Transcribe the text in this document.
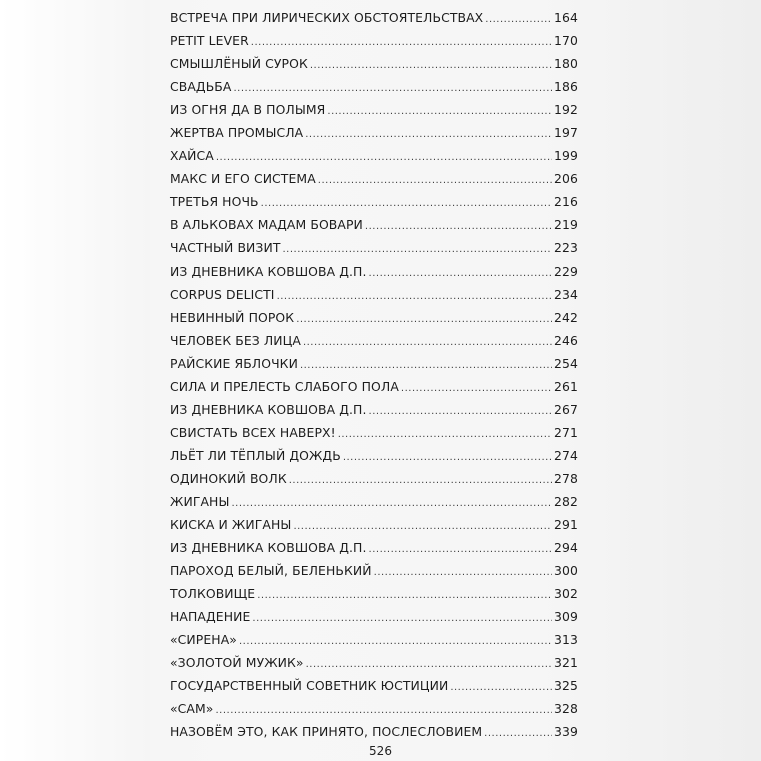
ВСТРЕЧА ПРИ ЛИРИЧЕСКИХ ОБСТОЯТЕЛЬСТВАХ .....	164
PETIT LEVER .....	170
СМЫШЛЁНЫЙ СУРОК .....	180
СВАДЬБА .....	186
ИЗ ОГНЯ ДА В ПОЛЫМЯ .....	192
ЖЕРТВА ПРОМЫСЛА .....	197
ХАЙСА .....	199
МАКС И ЕГО СИСТЕМА .....	206
ТРЕТЬЯ НОЧЬ .....	216
В АЛЬКОВАХ МАДАМ БОВАРИ .....	219
ЧАСТНЫЙ ВИЗИТ .....	223
ИЗ ДНЕВНИКА КОВШОВА Д.П. .....	229
CORPUS DELICTI .....	234
НЕВИННЫЙ ПОРОК .....	242
ЧЕЛОВЕК БЕЗ ЛИЦА .....	246
РАЙСКИЕ ЯБЛОЧКИ .....	254
СИЛА И ПРЕЛЕСТЬ СЛАБОГО ПОЛА .....	261
ИЗ ДНЕВНИКА КОВШОВА Д.П. .....	267
СВИСТАТЬ ВСЕХ НАВЕРХ! .....	271
ЛЬЁТ ЛИ ТЁПЛЫЙ ДОЖДЬ .....	274
ОДИНОКИЙ ВОЛК .....	278
ЖИГАНЫ .....	282
КИСКА И ЖИГАНЫ .....	291
ИЗ ДНЕВНИКА КОВШОВА Д.П. .....	294
ПАРОХОД БЕЛЫЙ, БЕЛЕНЬКИЙ .....	300
ТОЛКОВИЩЕ .....	302
НАПАДЕНИЕ .....	309
«СИРЕНА» .....	313
«ЗОЛОТОЙ МУЖИК» .....	321
ГОСУДАРСТВЕННЫЙ СОВЕТНИК ЮСТИЦИИ .....	325
«САМ» .....	328
НАЗОВЁМ ЭТО, КАК ПРИНЯТО, ПОСЛЕСЛОВИЕМ .....	339
526
